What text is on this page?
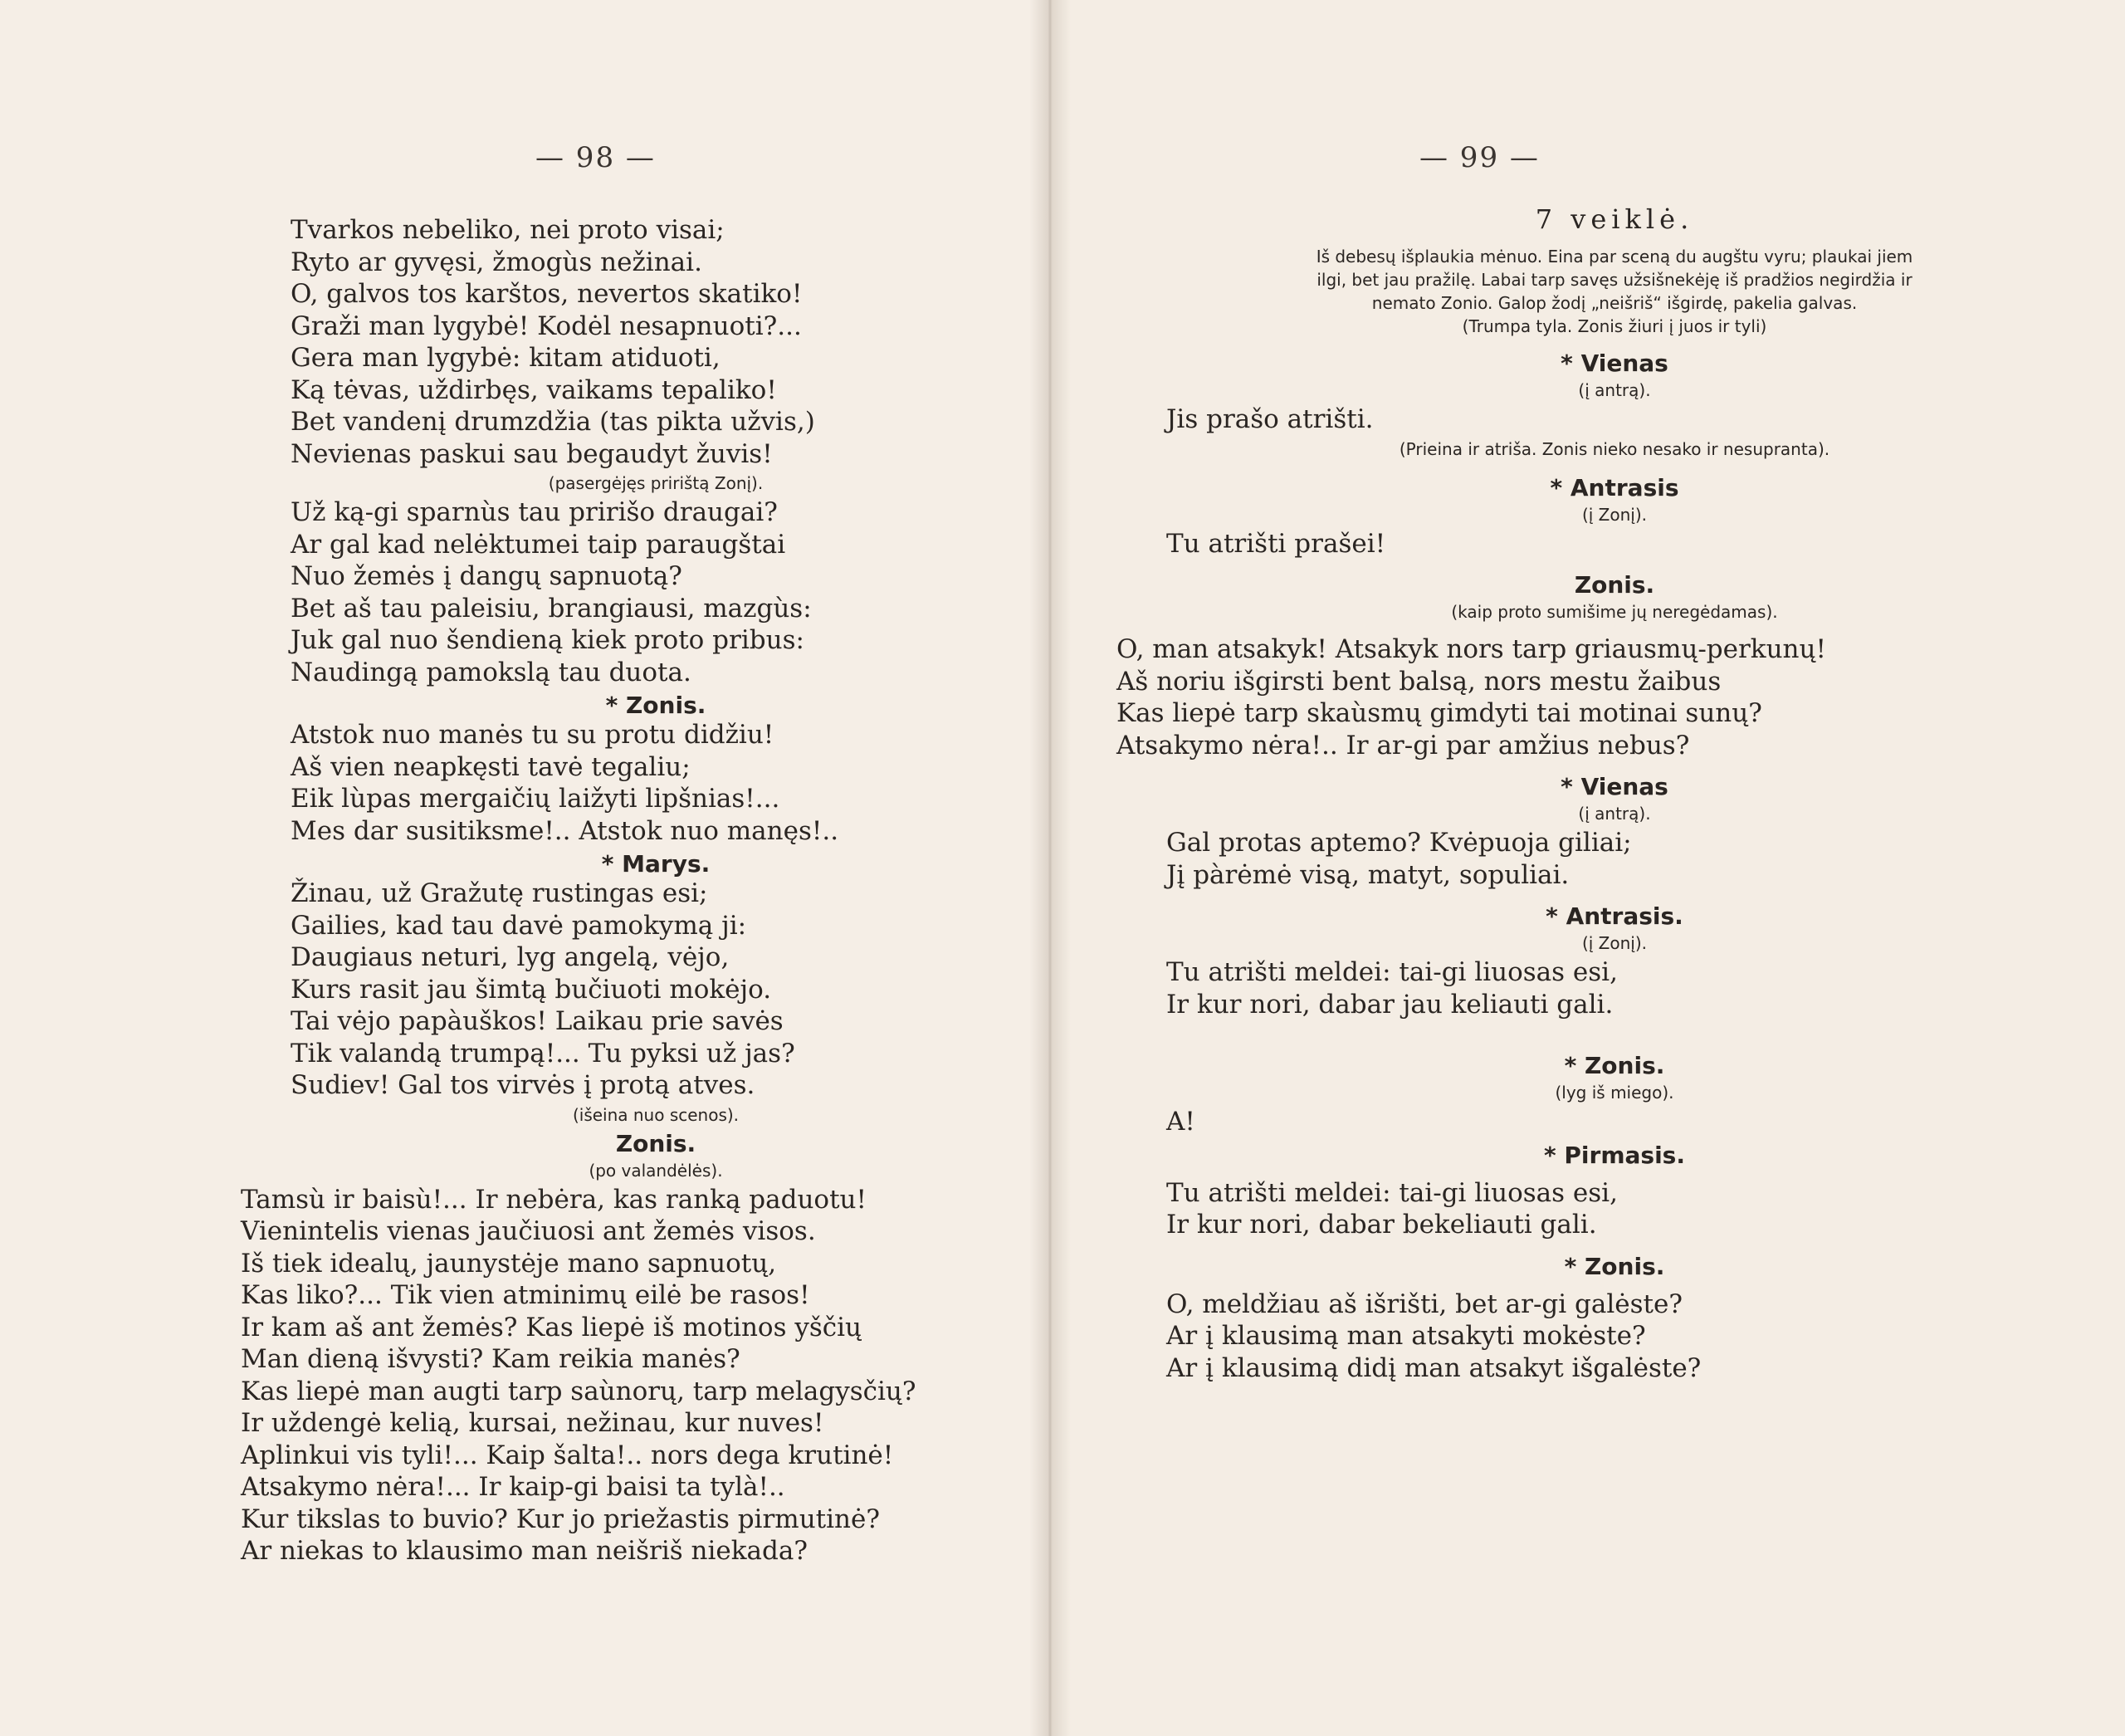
— 98 —

Tvarkos nebeliko, nei proto visai;
Ryto ar gyvęsi, žmogùs nežinai.
O, galvos tos karštos, nevertos skatiko!
Graži man lygybė! Kodėl nesapnuoti?...
Gera man lygybė: kitam atiduoti,
Ką tėvas, uždirbęs, vaikams tepaliko!
Bet vandenį drumzdžia (tas pikta užvis,)
Nevienas paskui sau begaudyt žuvis!

(pasergėjęs pririštą Zonį).

Už ką-gi sparnùs tau pririšo draugai?
Ar gal kad nelėktumei taip paraugštai
Nuo žemės į dangų sapnuotą?
Bet aš tau paleisiu, brangiausi, mazgùs:
Juk gal nuo šendieną kiek proto pribus:
Naudingą pamokslą tau duota.

* Zonis.

Atstok nuo manės tu su protu didžiu!
Aš vien neapkęsti tavė tegaliu;
Eik lùpas mergaičių laižyti lipšnias!...
Mes dar susitiksme!.. Atstok nuo manęs!..

* Marys.

Žinau, už Gražutę rustingas esi;
Gailies, kad tau davė pamokymą ji:
Daugiaus neturi, lyg angelą, vėjo,
Kurs rasit jau šimtą bučiuoti mokėjo.
Tai vėjo papàuškos! Laikau prie savės
Tik valandą trumpą!... Tu pyksi už jas?
Sudiev! Gal tos virvės į protą atves.

(išeina nuo scenos).
Zonis.
(po valandėlės).

Tamsù ir baisù!... Ir nebėra, kas ranką paduotu!
Vienintelis vienas jaučiuosi ant žemės visos.
Iš tiek idealų, jaunystėje mano sapnuotų,
Kas liko?... Tik vien atminimų eilė be rasos!
Ir kam aš ant žemės? Kas liepė iš motinos yščių
Man dieną išvysti? Kam reikia manės?
Kas liepė man augti tarp saùnorų, tarp melagysčių?
Ir uždengė kelią, kursai, nežinau, kur nuves!
Aplinkui vis tyli!... Kaip šalta!.. nors dega krutinė!
Atsakymo nėra!... Ir kaip-gi baisi ta tylà!..
Kur tikslas to buvio? Kur jo priežastis pirmutinė?
Ar niekas to klausimo man neišriš niekada?

— 99 —
7 veiklė.
Iš debesų išplaukia mėnuo. Eina par sceną du augštu vyru; plaukai jiem
ilgi, bet jau pražilę. Labai tarp savęs užsišnekėję iš pradžios negirdžia ir
nemato Zonio. Galop žodį „neišriš“ išgirdę, pakelia galvas.
(Trumpa tyla. Zonis žiuri į juos ir tyli)
* Vienas
(į antrą).

Jis prašo atrišti.

(Prieina ir atriša. Zonis nieko nesako ir nesupranta).
* Antrasis
(į Zonį).

Tu atrišti prašei!

Zonis.
(kaip proto sumišime jų neregėdamas).

O, man atsakyk! Atsakyk nors tarp griausmų-perkunų!
Aš noriu išgirsti bent balsą, nors mestu žaibus
Kas liepė tarp skaùsmų gimdyti tai motinai sunų?
Atsakymo nėra!.. Ir ar-gi par amžius nebus?

* Vienas
(į antrą).

Gal protas aptemo? Kvėpuoja giliai;
Jį pàrėmė visą, matyt, sopuliai.

* Antrasis.
(į Zonį).

Tu atrišti meldei: tai-gi liuosas esi,
Ir kur nori, dabar jau keliauti gali.

* Zonis.
(lyg iš miego).

A!

* Pirmasis.

Tu atrišti meldei: tai-gi liuosas esi,
Ir kur nori, dabar bekeliauti gali.

* Zonis.

O, meldžiau aš išrišti, bet ar-gi galėste?
Ar į klausimą man atsakyti mokėste?
Ar į klausimą didį man atsakyt išgalėste?
